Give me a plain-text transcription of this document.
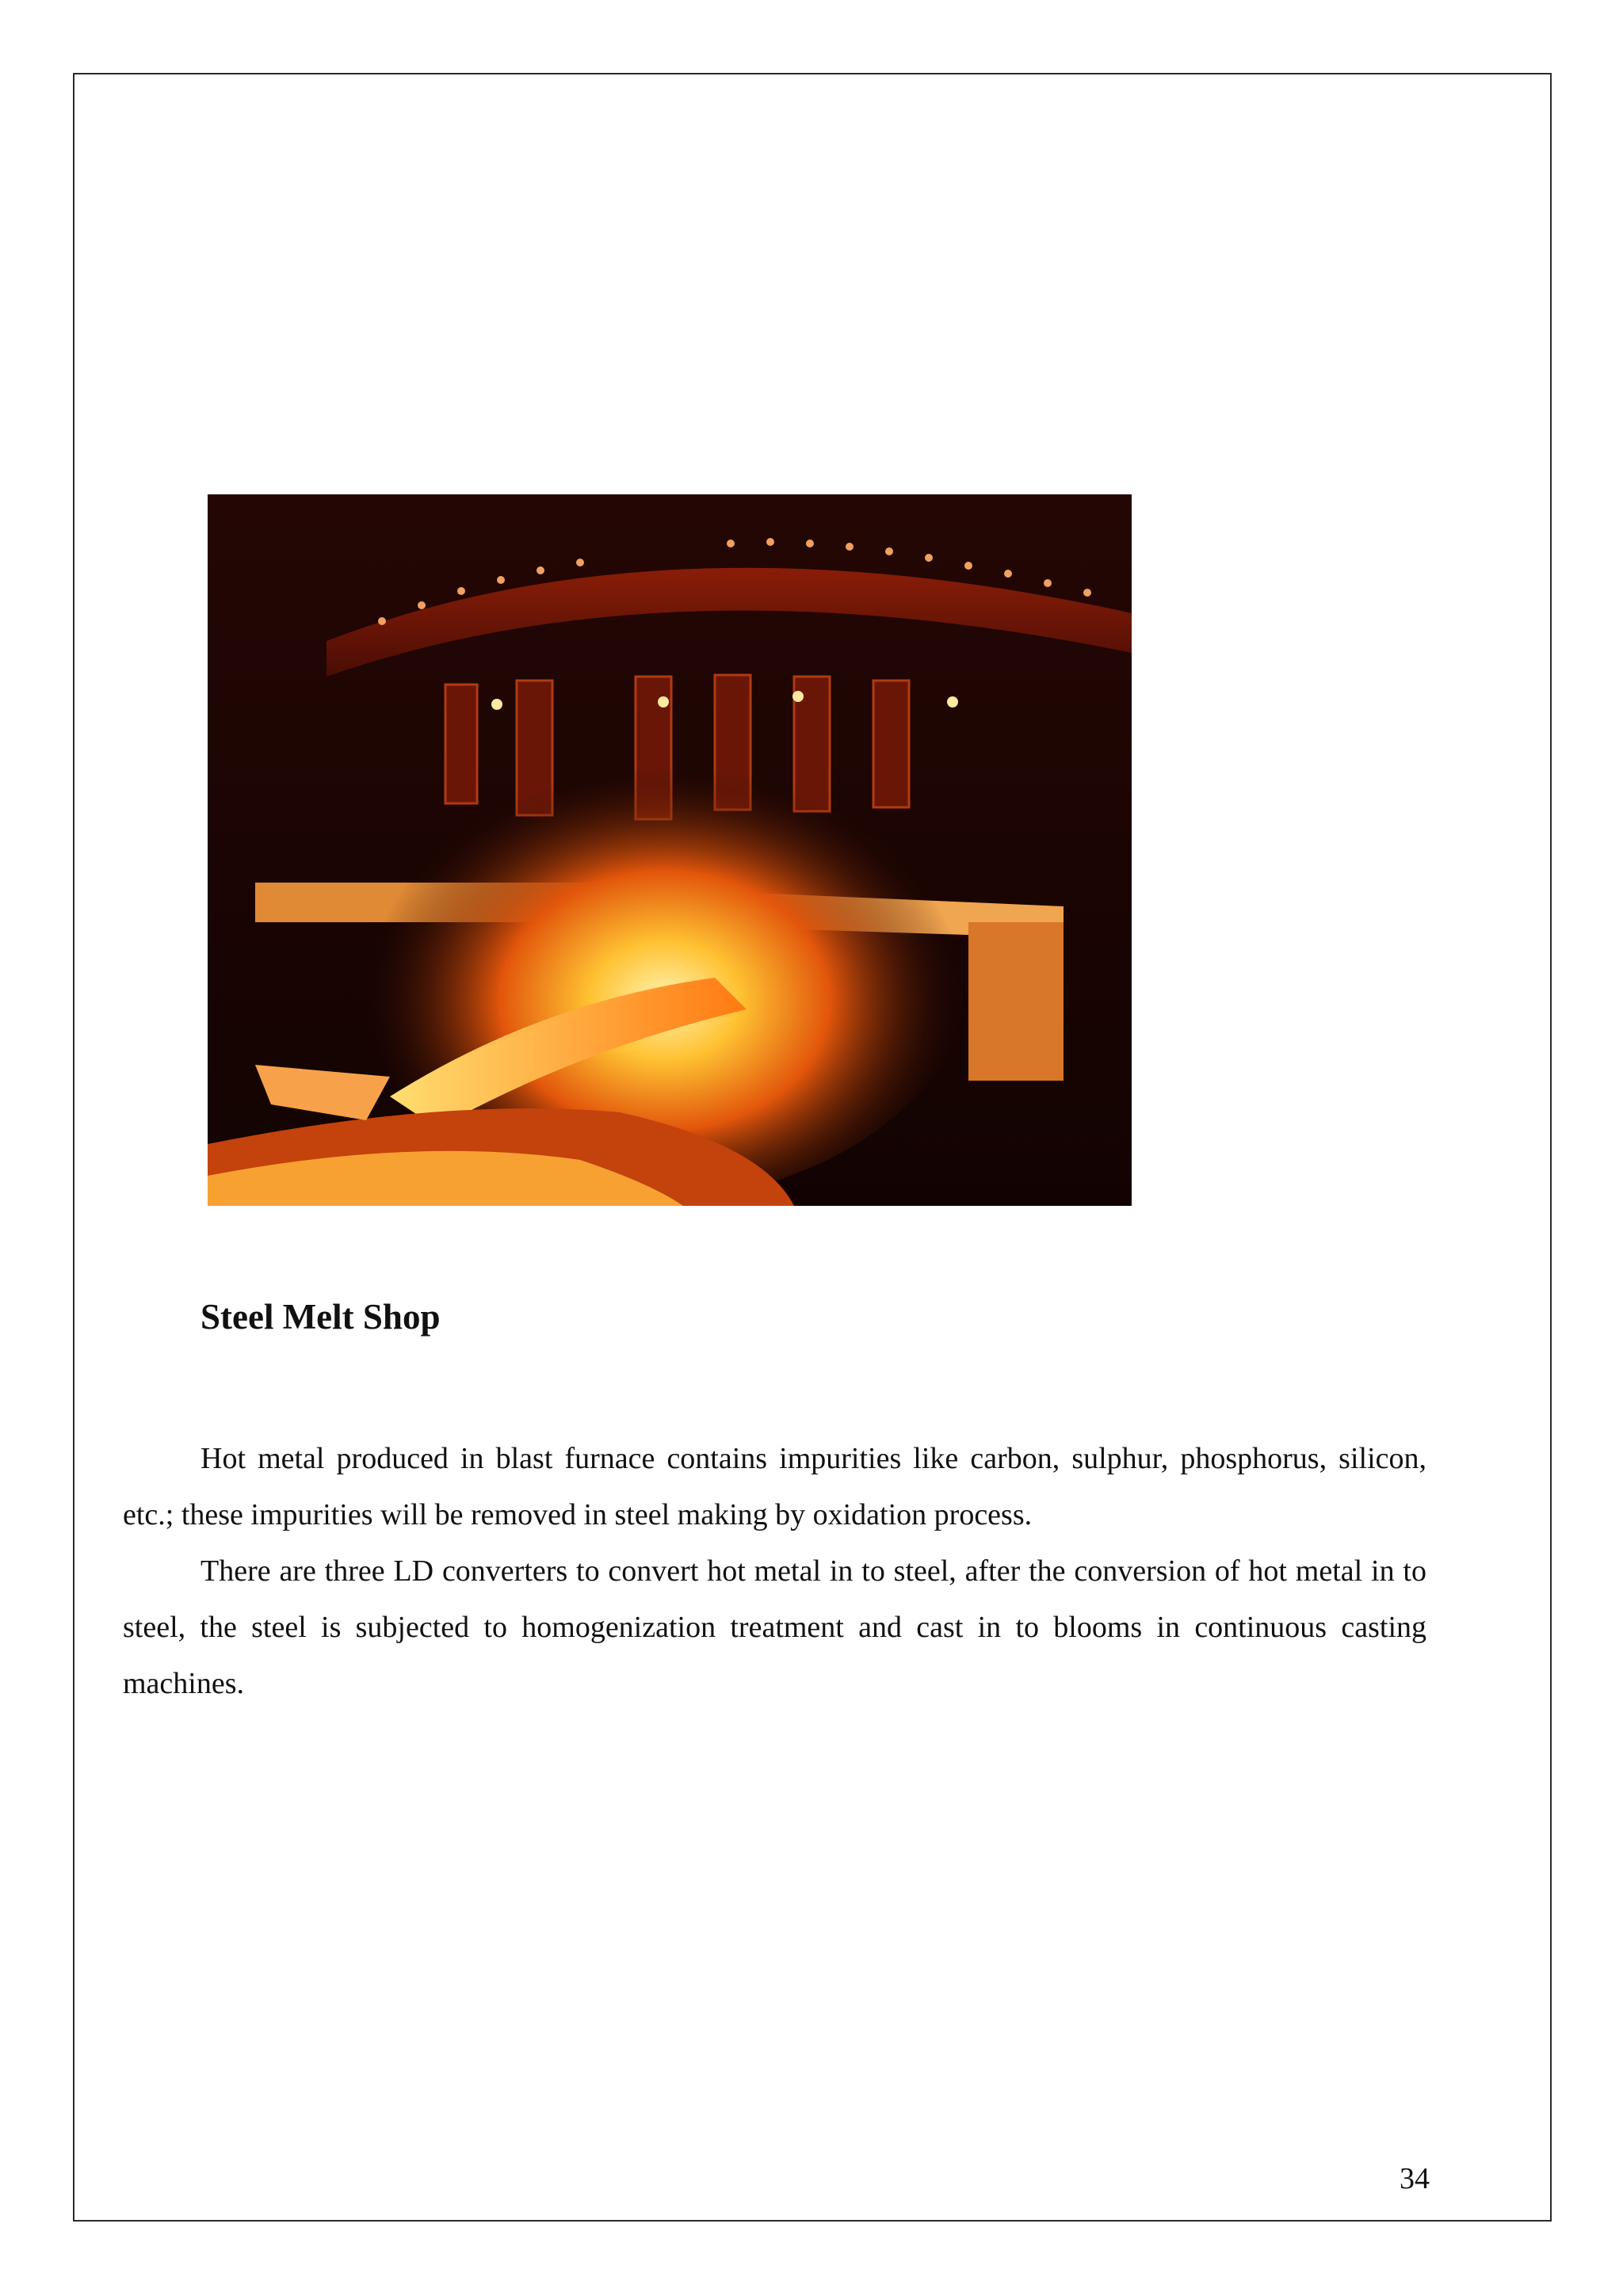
Steel Melt Shop

Hot metal produced in blast furnace contains impurities like carbon, sulphur, phosphorus, silicon, etc.; these impurities will be removed in steel making by oxidation process.

There are three LD converters to convert hot metal in to steel, after the conversion of hot metal in to steel, the steel is subjected to homogenization treatment and cast in to blooms in continuous casting machines.

34
